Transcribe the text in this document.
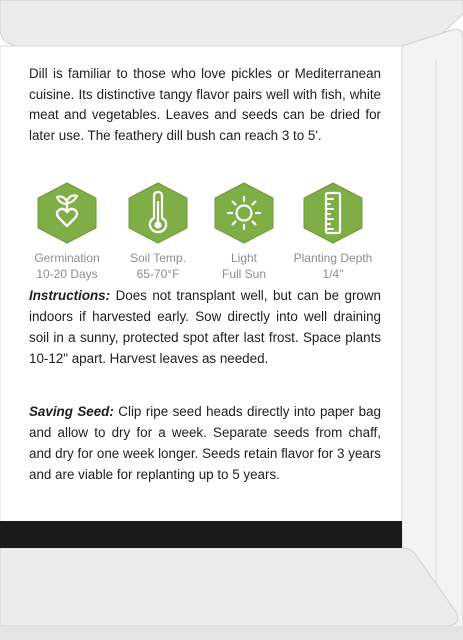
Dill is familiar to those who love pickles or Mediterranean cuisine. Its distinctive tangy flavor pairs well with fish, white meat and vegetables. Leaves and seeds can be dried for later use. The feathery dill bush can reach 3 to 5'.

Germination
10-20 Days
Soil Temp.
65-70°F
Light
Full Sun
Planting Depth
1/4"

Instructions: Does not transplant well, but can be grown indoors if harvested early. Sow directly into well draining soil in a sunny, protected spot after last frost. Space plants 10-12" apart. Harvest leaves as needed.

Saving Seed: Clip ripe seed heads directly into paper bag and allow to dry for a week. Separate seeds from chaff, and dry for one week longer. Seeds retain flavor for 3 years and are viable for replanting up to 5 years.
